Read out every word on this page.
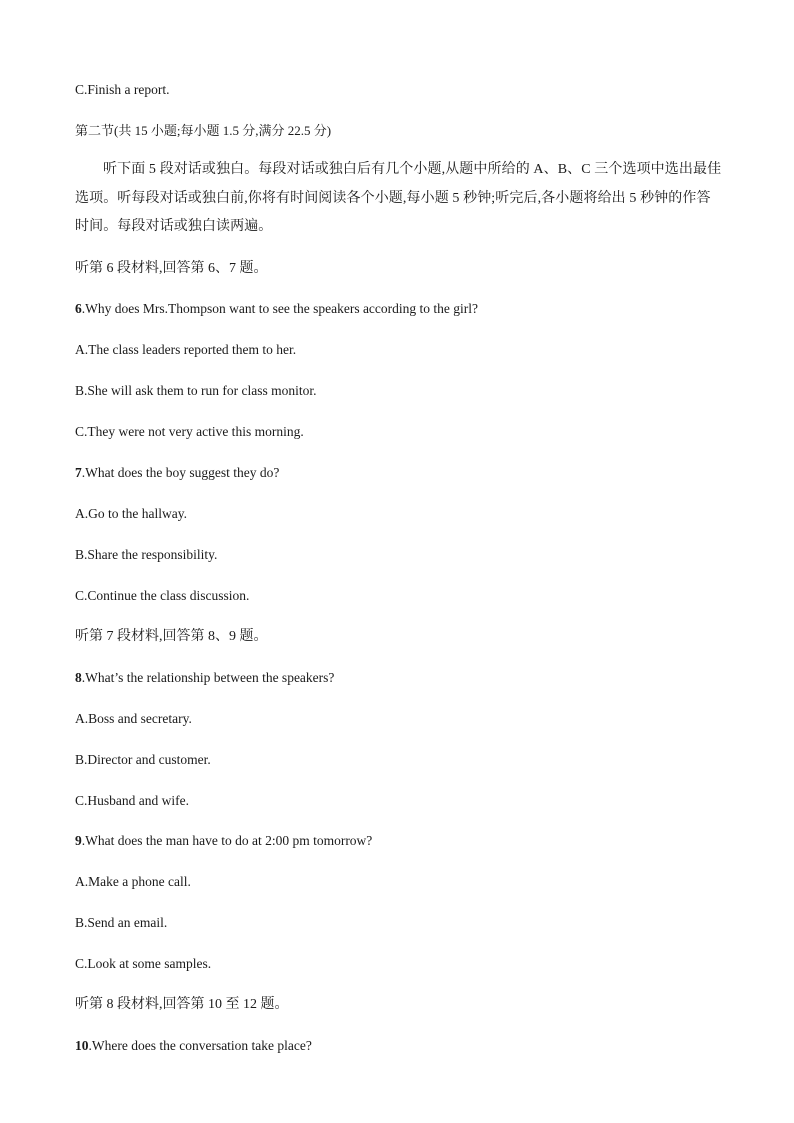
C.Finish a report.
第二节(共 15 小题;每小题 1.5 分,满分 22.5 分)
听下面 5 段对话或独白。每段对话或独白后有几个小题,从题中所给的 A、B、C 三个选项中选出最佳选项。听每段对话或独白前,你将有时间阅读各个小题,每小题 5 秒钟;听完后,各小题将给出 5 秒钟的作答时间。每段对话或独白读两遍。
听第 6 段材料,回答第 6、7 题。
6.Why does Mrs.Thompson want to see the speakers according to the girl?
A.The class leaders reported them to her.
B.She will ask them to run for class monitor.
C.They were not very active this morning.
7.What does the boy suggest they do?
A.Go to the hallway.
B.Share the responsibility.
C.Continue the class discussion.
听第 7 段材料,回答第 8、9 题。
8.What’s the relationship between the speakers?
A.Boss and secretary.
B.Director and customer.
C.Husband and wife.
9.What does the man have to do at 2:00 pm tomorrow?
A.Make a phone call.
B.Send an email.
C.Look at some samples.
听第 8 段材料,回答第 10 至 12 题。
10.Where does the conversation take place?
